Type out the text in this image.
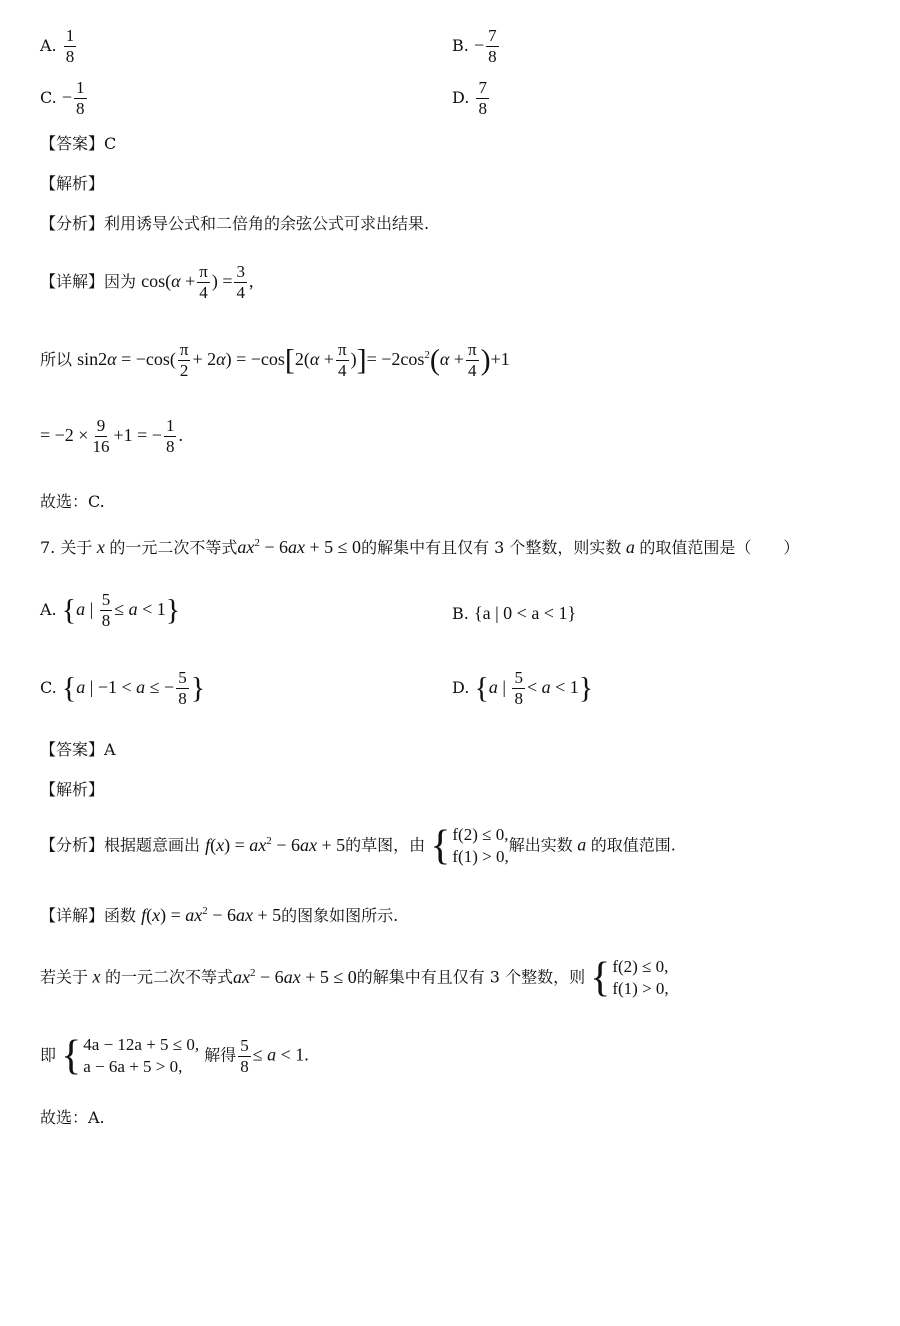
A. $\frac{1}{8}$	B. − $\frac{7}{8}$
C. − $\frac{1}{8}$	D. $\frac{7}{8}$
【答案】C
【解析】
【分析】利用诱导公式和二倍角的余弦公式可求出结果.
【详解】因为 $\cos(\alpha + \frac{\pi}{4}$ ) = $\frac{3}{4}$ ,
所以 $\sin 2\alpha = -\cos( \frac{\pi}{2} + 2\alpha) = -\cos[2(\alpha + \frac{\pi}{4}$ )]= $-2\cos^2(\alpha + \frac{\pi}{4} )+1$
= $-2 \times \frac{9}{16} +1$ = − $\frac{1}{8}$ .
故选：C.
7. 关于 x 的一元二次不等式$ax^2 - 6ax + 5 \le 0$的解集中有且仅有 3 个整数，则实数 a 的取值范围是（　　）
A. {a | $\frac{5}{8} \le a < 1$}	B. {a | 0 < a < 1}
C. {a | −1 < a ≤ − $\frac{5}{8}$ }	D. {a | $\frac{5}{8} < a < 1$}
【答案】A
【解析】
【分析】根据题意画出 $f(x) = ax^2 - 6ax + 5$的草图，由 { f(2) ≤ 0,
f(1) > 0,
解出实数 a 的取值范围.
【详解】函数 $f(x) = ax^2 - 6ax + 5$的图象如图所示.
若关于 x 的一元二次不等式$ax^2 - 6ax + 5 \le 0$的解集中有且仅有 3 个整数，则 { f(2) ≤ 0,
f(1) > 0,
即 { 4a − 12a + 5 ≤ 0,
a − 6a + 5 > 0,
解得 $\frac{5}{8} \le a < 1$.
故选：A.
